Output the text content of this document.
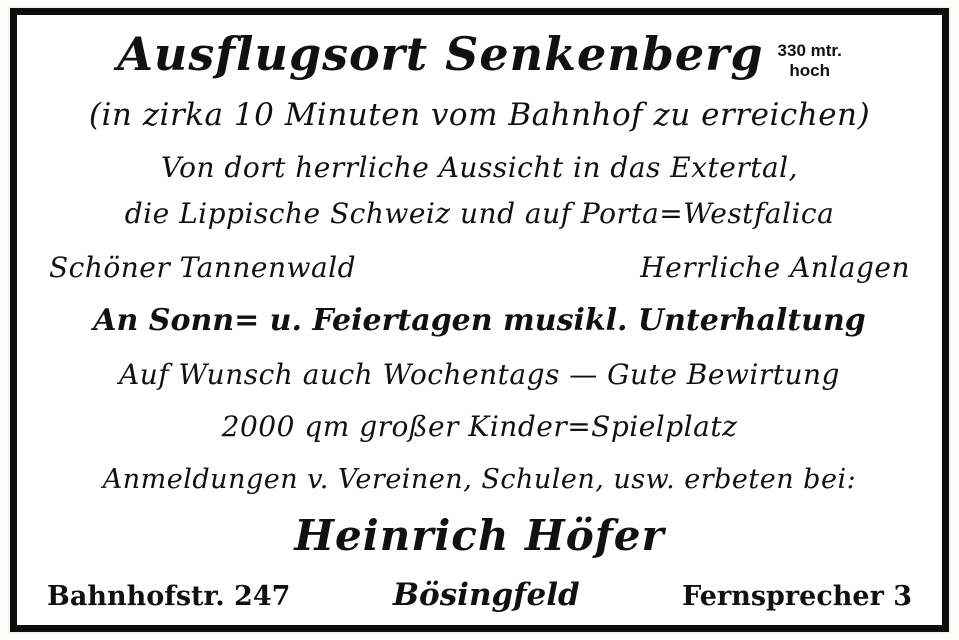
Ausflugsort Senkenberg 330 mtr.
hoch
(in zirka 10 Minuten vom Bahnhof zu erreichen)
Von dort herrliche Aussicht in das Extertal,
die Lippische Schweiz und auf Porta=Westfalica
Schöner Tannenwald	Herrliche Anlagen
An Sonn= u. Feiertagen musikl. Unterhaltung
Auf Wunsch auch Wochentags — Gute Bewirtung
2000 qm großer Kinder=Spielplatz
Anmeldungen v. Vereinen, Schulen, usw. erbeten bei:
Heinrich Höfer
Bahnhofstr. 247	Bösingfeld	Fernsprecher 3
